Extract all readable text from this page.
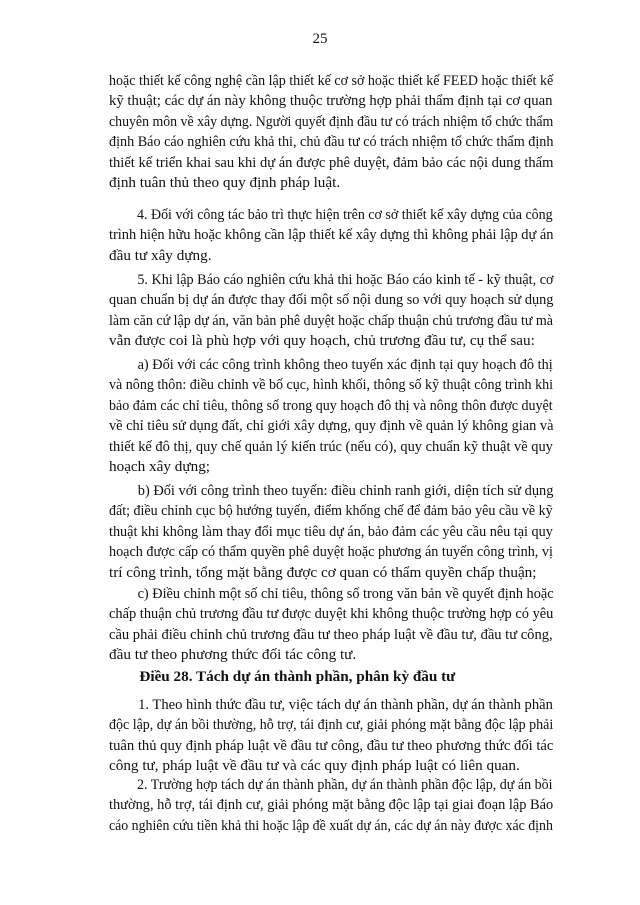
25
hoặc thiết kế công nghệ cần lập thiết kế cơ sở hoặc thiết kế FEED hoặc thiết kế
kỹ thuật; các dự án này không thuộc trường hợp phải thẩm định tại cơ quan
chuyên môn về xây dựng. Người quyết định đầu tư có trách nhiệm tổ chức thẩm
định Báo cáo nghiên cứu khả thi, chủ đầu tư có trách nhiệm tổ chức thẩm định
thiết kế triển khai sau khi dự án được phê duyệt, đảm bảo các nội dung thẩm
định tuân thủ theo quy định pháp luật.
4. Đối với công tác bảo trì thực hiện trên cơ sở thiết kế xây dựng của công
trình hiện hữu hoặc không cần lập thiết kế xây dựng thì không phải lập dự án
đầu tư xây dựng.
5. Khi lập Báo cáo nghiên cứu khả thi hoặc Báo cáo kinh tế - kỹ thuật, cơ
quan chuẩn bị dự án được thay đổi một số nội dung so với quy hoạch sử dụng
làm căn cứ lập dự án, văn bản phê duyệt hoặc chấp thuận chủ trương đầu tư mà
vẫn được coi là phù hợp với quy hoạch, chủ trương đầu tư, cụ thể sau:
a) Đối với các công trình không theo tuyến xác định tại quy hoạch đô thị
và nông thôn: điều chỉnh về bố cục, hình khối, thông số kỹ thuật công trình khi
bảo đảm các chỉ tiêu, thông số trong quy hoạch đô thị và nông thôn được duyệt
về chỉ tiêu sử dụng đất, chỉ giới xây dựng, quy định về quản lý không gian và
thiết kế đô thị, quy chế quản lý kiến trúc (nếu có), quy chuẩn kỹ thuật về quy
hoạch xây dựng;
b) Đối với công trình theo tuyến: điều chỉnh ranh giới, diện tích sử dụng
đất; điều chỉnh cục bộ hướng tuyến, điểm khống chế để đảm bảo yêu cầu về kỹ
thuật khi không làm thay đổi mục tiêu dự án, bảo đảm các yêu cầu nêu tại quy
hoạch được cấp có thẩm quyền phê duyệt hoặc phương án tuyến công trình, vị
trí công trình, tổng mặt bằng được cơ quan có thẩm quyền chấp thuận;
c) Điều chỉnh một số chỉ tiêu, thông số trong văn bản về quyết định hoặc
chấp thuận chủ trương đầu tư được duyệt khi không thuộc trường hợp có yêu
cầu phải điều chỉnh chủ trương đầu tư theo pháp luật về đầu tư, đầu tư công,
đầu tư theo phương thức đối tác công tư.
Điều 28. Tách dự án thành phần, phân kỳ đầu tư
1. Theo hình thức đầu tư, việc tách dự án thành phần, dự án thành phần
độc lập, dự án bồi thường, hỗ trợ, tái định cư, giải phóng mặt bằng độc lập phải
tuân thủ quy định pháp luật về đầu tư công, đầu tư theo phương thức đối tác
công tư, pháp luật về đầu tư và các quy định pháp luật có liên quan.
2. Trường hợp tách dự án thành phần, dự án thành phần độc lập, dự án bồi
thường, hỗ trợ, tái định cư, giải phóng mặt bằng độc lập tại giai đoạn lập Báo
cáo nghiên cứu tiền khả thi hoặc lập đề xuất dự án, các dự án này được xác định
